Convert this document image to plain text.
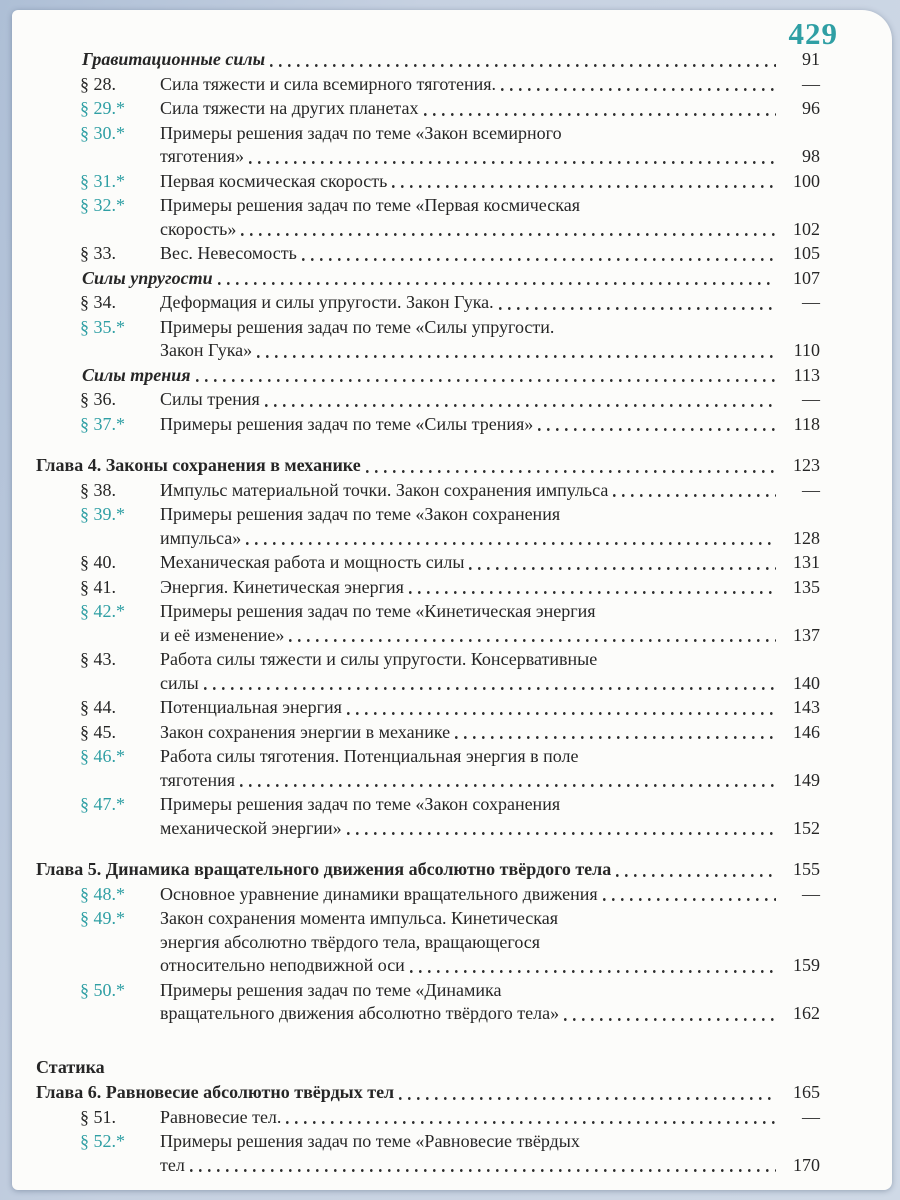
429
Гравитационные силы	91
§ 28.	Сила тяжести и сила всемирного тяготения.	—
§ 29.*	Сила тяжести на других планетах	96
§ 30.*	Примеры решения задач по теме «Закон всемирного
тяготения»	98
§ 31.*	Первая космическая скорость	100
§ 32.*	Примеры решения задач по теме «Первая космическая
скорость»	102
§ 33.	Вес. Невесомость	105
Силы упругости	107
§ 34.	Деформация и силы упругости. Закон Гука.	—
§ 35.*	Примеры решения задач по теме «Силы упругости.
Закон Гука»	110
Силы трения	113
§ 36.	Силы трения	—
§ 37.*	Примеры решения задач по теме «Силы трения»	118
Глава 4. Законы сохранения в механике	123
§ 38.	Импульс материальной точки. Закон сохранения импульса	—
§ 39.*	Примеры решения задач по теме «Закон сохранения
импульса»	128
§ 40.	Механическая работа и мощность силы	131
§ 41.	Энергия. Кинетическая энергия	135
§ 42.*	Примеры решения задач по теме «Кинетическая энергия
и её изменение»	137
§ 43.	Работа силы тяжести и силы упругости. Консервативные
силы	140
§ 44.	Потенциальная энергия	143
§ 45.	Закон сохранения энергии в механике	146
§ 46.*	Работа силы тяготения. Потенциальная энергия в поле
тяготения	149
§ 47.*	Примеры решения задач по теме «Закон сохранения
механической энергии»	152
Глава 5. Динамика вращательного движения абсолютно твёрдого тела	155
§ 48.*	Основное уравнение динамики вращательного движения	—
§ 49.*	Закон сохранения момента импульса. Кинетическая
энергия абсолютно твёрдого тела, вращающегося
относительно неподвижной оси	159
§ 50.*	Примеры решения задач по теме «Динамика
вращательного движения абсолютно твёрдого тела»	162
Статика
Глава 6. Равновесие абсолютно твёрдых тел	165
§ 51.	Равновесие тел.	—
§ 52.*	Примеры решения задач по теме «Равновесие твёрдых
тел	170
